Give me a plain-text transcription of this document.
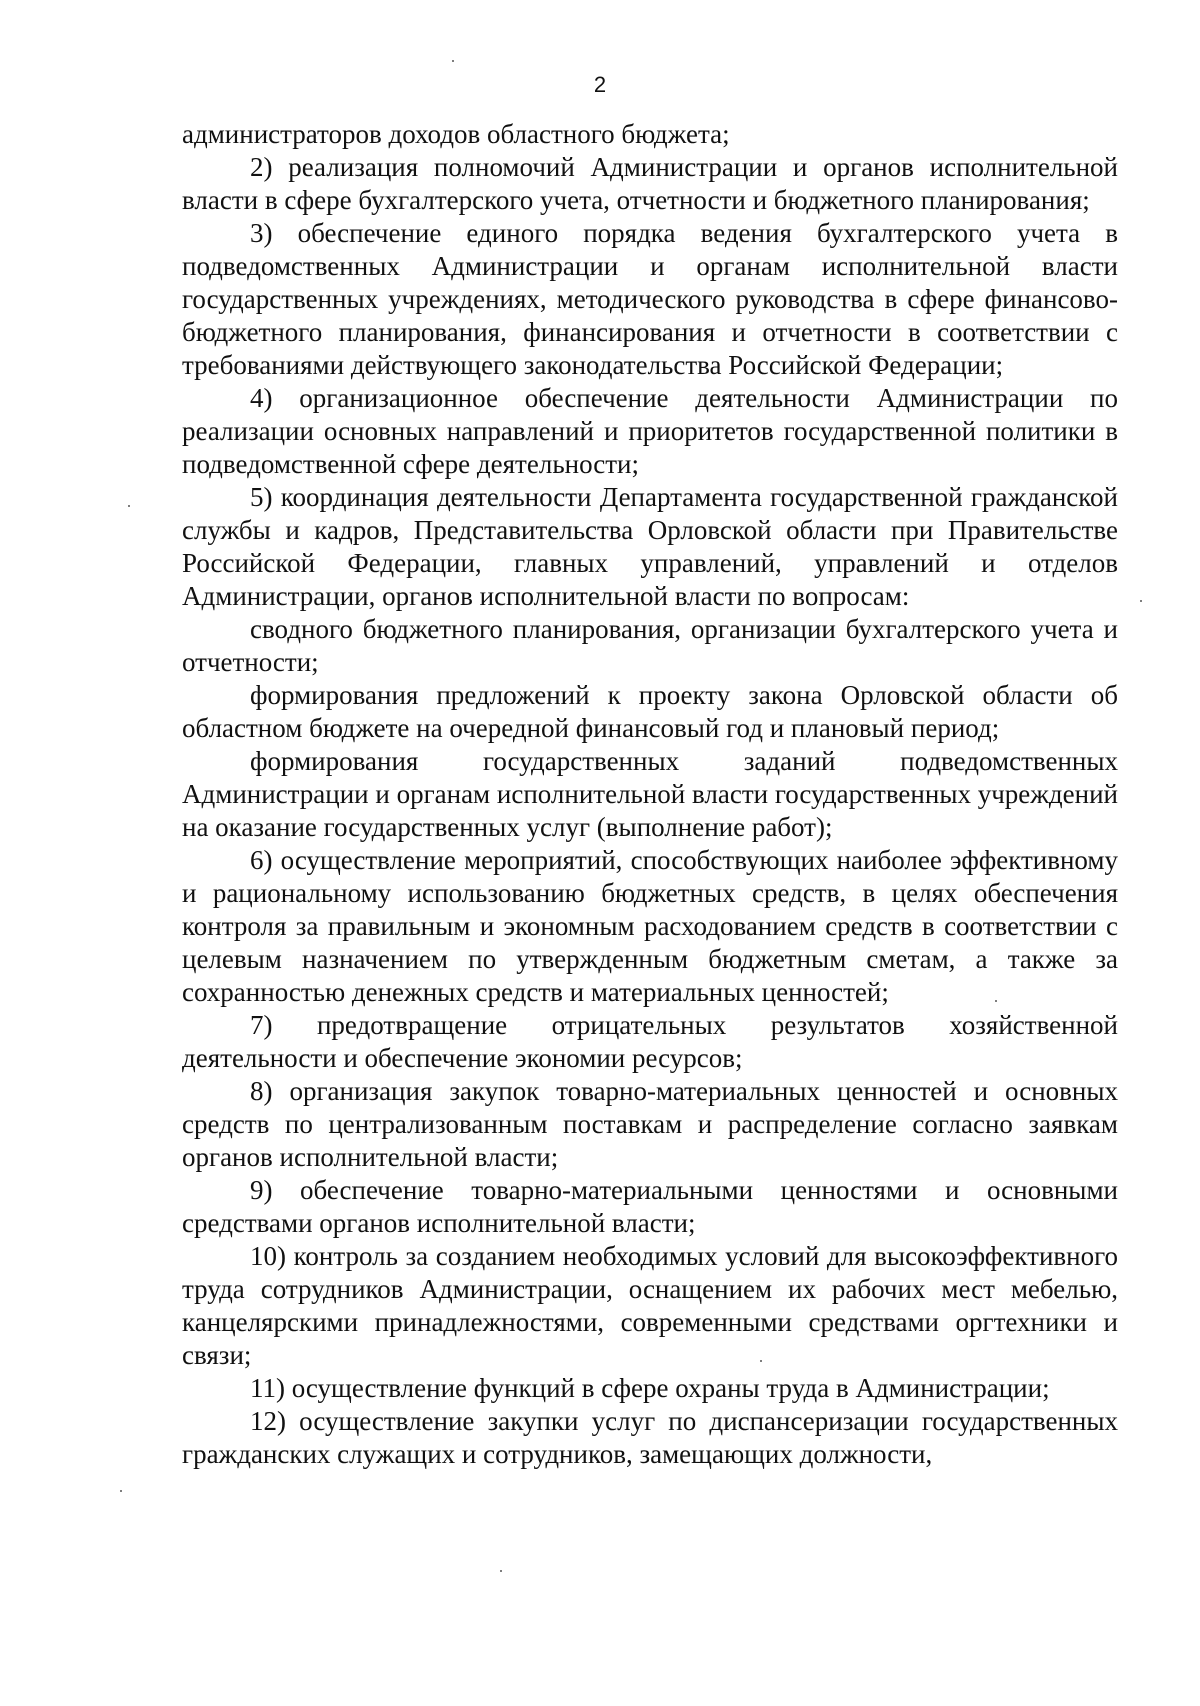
2

администраторов доходов областного бюджета;

2) реализация полномочий Администрации и органов исполнительной власти в сфере бухгалтерского учета, отчетности и бюджетного планирования;

3) обеспечение единого порядка ведения бухгалтерского учета в подведомственных Администрации и органам исполнительной власти государственных учреждениях, методического руководства в сфере финансово-бюджетного планирования, финансирования и отчетности в соответствии с требованиями действующего законодательства Российской Федерации;

4) организационное обеспечение деятельности Администрации по реализации основных направлений и приоритетов государственной политики в подведомственной сфере деятельности;

5) координация деятельности Департамента государственной гражданской службы и кадров, Представительства Орловской области при Правительстве Российской Федерации, главных управлений, управлений и отделов Администрации, органов исполнительной власти по вопросам:

сводного бюджетного планирования, организации бухгалтерского учета и отчетности;

формирования предложений к проекту закона Орловской области об областном бюджете на очередной финансовый год и плановый период;

формирования государственных заданий подведомственных Администрации и органам исполнительной власти государственных учреждений на оказание государственных услуг (выполнение работ);

6) осуществление мероприятий, способствующих наиболее эффективному и рациональному использованию бюджетных средств, в целях обеспечения контроля за правильным и экономным расходованием средств в соответствии с целевым назначением по утвержденным бюджетным сметам, а также за сохранностью денежных средств и материальных ценностей;

7) предотвращение отрицательных результатов хозяйственной деятельности и обеспечение экономии ресурсов;

8) организация закупок товарно-материальных ценностей и основных средств по централизованным поставкам и распределение согласно заявкам органов исполнительной власти;

9) обеспечение товарно-материальными ценностями и основными средствами органов исполнительной власти;

10) контроль за созданием необходимых условий для высокоэффективного труда сотрудников Администрации, оснащением их рабочих мест мебелью, канцелярскими принадлежностями, современными средствами оргтехники и связи;

11) осуществление функций в сфере охраны труда в Администрации;

12) осуществление закупки услуг по диспансеризации государственных гражданских служащих и сотрудников, замещающих должности,
